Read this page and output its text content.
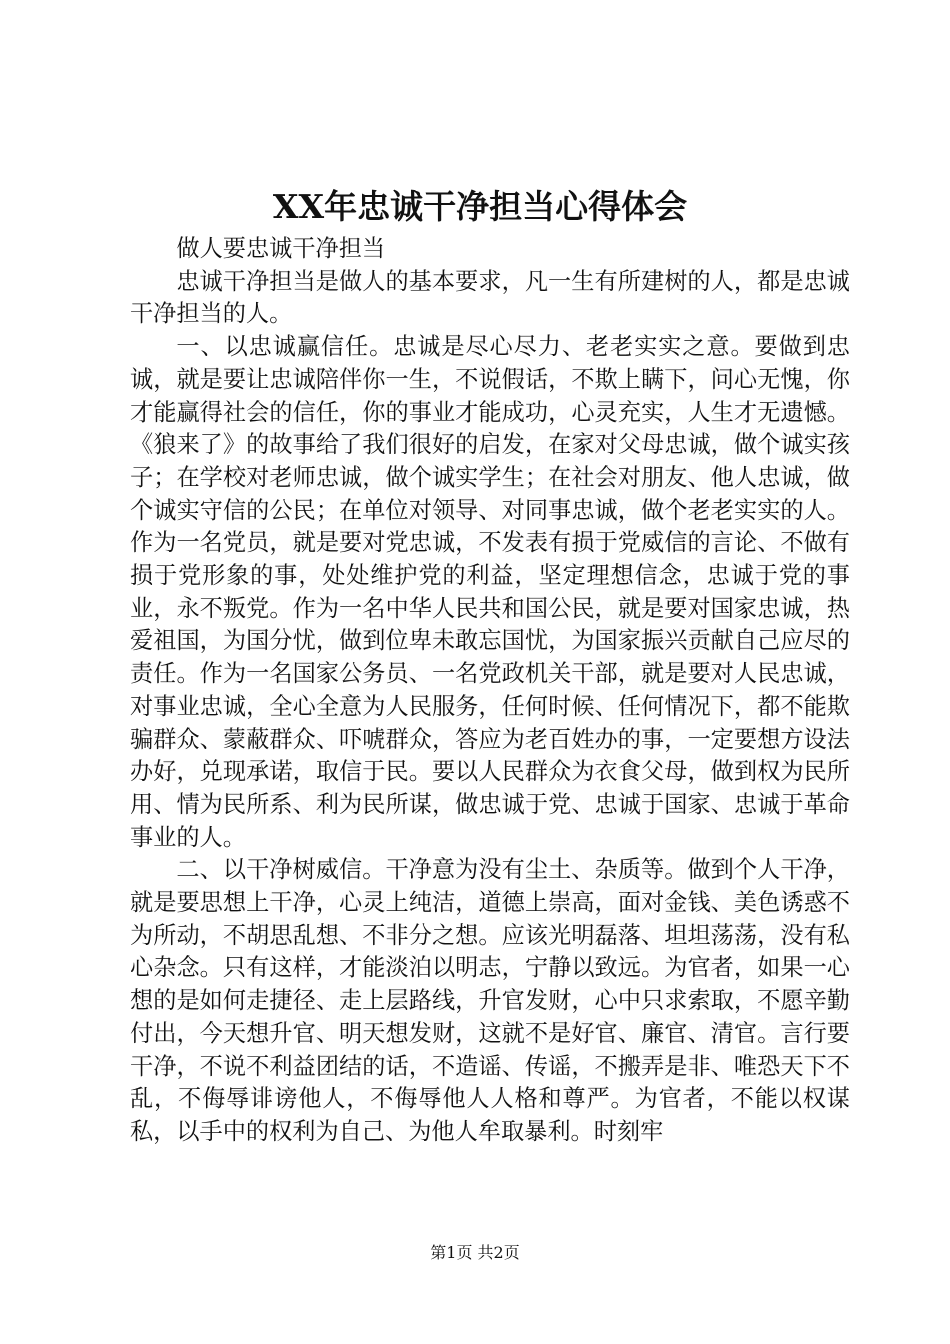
XX年忠诚干净担当心得体会

做人要忠诚干净担当

忠诚干净担当是做人的基本要求，凡一生有所建树的人，都是忠诚干净担当的人。

一、以忠诚赢信任。忠诚是尽心尽力、老老实实之意。要做到忠诚，就是要让忠诚陪伴你一生，不说假话，不欺上瞒下，问心无愧，你才能赢得社会的信任，你的事业才能成功，心灵充实，人生才无遗憾。《狼来了》的故事给了我们很好的启发，在家对父母忠诚，做个诚实孩子；在学校对老师忠诚，做个诚实学生；在社会对朋友、他人忠诚，做个诚实守信的公民；在单位对领导、对同事忠诚，做个老老实实的人。作为一名党员，就是要对党忠诚，不发表有损于党威信的言论、不做有损于党形象的事，处处维护党的利益，坚定理想信念，忠诚于党的事业，永不叛党。作为一名中华人民共和国公民，就是要对国家忠诚，热爱祖国，为国分忧，做到位卑未敢忘国忧，为国家振兴贡献自己应尽的责任。作为一名国家公务员、一名党政机关干部，就是要对人民忠诚，对事业忠诚，全心全意为人民服务，任何时候、任何情况下，都不能欺骗群众、蒙蔽群众、吓唬群众，答应为老百姓办的事，一定要想方设法办好，兑现承诺，取信于民。要以人民群众为衣食父母，做到权为民所用、情为民所系、利为民所谋，做忠诚于党、忠诚于国家、忠诚于革命事业的人。

二、以干净树威信。干净意为没有尘土、杂质等。做到个人干净，就是要思想上干净，心灵上纯洁，道德上崇高，面对金钱、美色诱惑不为所动，不胡思乱想、不非分之想。应该光明磊落、坦坦荡荡，没有私心杂念。只有这样，才能淡泊以明志，宁静以致远。为官者，如果一心想的是如何走捷径、走上层路线，升官发财，心中只求索取，不愿辛勤付出，今天想升官、明天想发财，这就不是好官、廉官、清官。言行要干净，不说不利益团结的话，不造谣、传谣，不搬弄是非、唯恐天下不乱，不侮辱诽谤他人，不侮辱他人人格和尊严。为官者，不能以权谋私，以手中的权利为自己、为他人牟取暴利。时刻牢

第1页 共2页
